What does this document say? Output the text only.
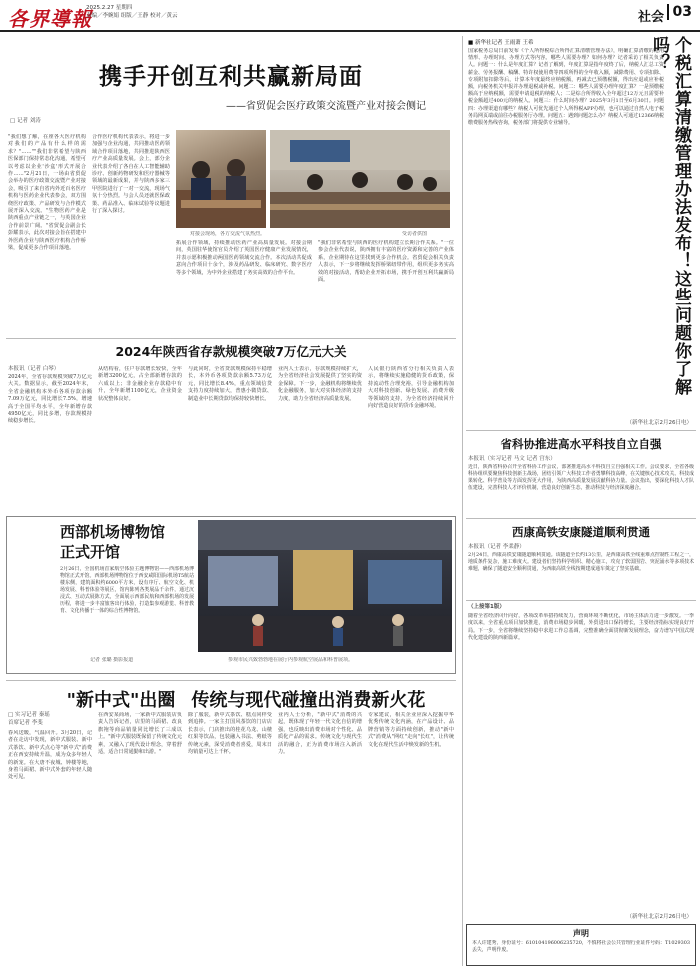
各界導報
2025.2.27 星期四
责编／李婉娟 组版／王静 校对／黄云	社会 03
携手开创互利共赢新局面
——省贸促会医疗政策交流暨产业对接会侧记
□ 记者 刘涛

"我们想了解，在座各大医疗机构对我们的产品有什么样的需求？"……""我们非常希望与陕西医保部门保持常态化沟通，希望可以考虑以企业'沙盒'形式开展合作……"2月21日，一场由省贸促会举办的医疗政策交流暨产业对接会，吸引了来自省内外近百名医疗机构与医药企业代表参会，双方围绕医疗政策、产品研发与合作模式展开深入交流。"生物医药产业是陕西重点产业链之一，与英国企业合作前景广阔。"省贸促会副会长彭耀表示，此次对接会旨在搭建中外医药企业与陕西医疗机构合作桥梁，促成更多合作项目落地。

合作医疗机构代表表示，将进一步加强与企业沟通，共同推动医药领域合作项目落地，共同推进陕西医疗产业高质量发展。会上，部分企业代表介绍了各自在人工智能辅助诊疗、创新药物研发和医疗器械等领域的最新成果，并与陕西多家三甲医院进行了一对一交流，现场气氛十分热烈。与会人员还就医保政策、药品准入、临床试验等议题进行了深入探讨。

对接会现场，各方交流气氛热烈。	受访者供图

拓展合作领域，持续推动医药产业高质量发展。对接会期间，英国驻华使馆官员介绍了英国医疗健康产业发展情况，并表示愿积极推动两国医药领域交流合作。本次活动共促成意向合作项目十余个，涉及药品研发、临床研究、数字医疗等多个领域，为中外企业搭建了务实高效的合作平台。

"我们非常希望与陕西的医疗机构建立长期合作关系。"一位参会企业代表说，陕西拥有丰富的医疗资源和完善的产业体系，企业期待在这里找到更多合作机会。省贸促会相关负责人表示，下一步将继续发挥桥梁纽带作用，组织更多务实高效的对接活动，帮助企业开拓市场，携手开创互利共赢新局面。

2024年陕西省存款规模突破7万亿元大关
本报讯（记者 白琴）

2024年，全省存款规模突破7万亿元大关。数据显示，截至2024年末，全省金融机构本外币各项存款余额7.09万亿元，同比增长7.5%，增速高于全国平均水平，全年新增存款4950亿元，同比多增，存款规模持续稳步增长。

从结构看，住户存款增长较快，全年新增3200亿元，占全部新增存款的六成以上；非金融企业存款稳中有升，全年新增1100亿元，企业资金状况整体良好。

与此同时，全省贷款规模保持平稳增长，本外币各项贷款余额5.73万亿元，同比增长8.4%，重点领域信贷支持力度持续加大，普惠小微贷款、制造业中长期贷款均保持较快增长。

业内人士表示，存款规模持续扩大，为全省经济社会发展提供了坚实的资金保障。下一步，金融机构将继续优化金融服务，加大对实体经济的支持力度，助力全省经济高质量发展。

人民银行陕西省分行相关负责人表示，将继续实施稳健的货币政策，保持流动性合理充裕，引导金融机构加大对科技创新、绿色发展、消费升级等领域的支持，为全省经济持续回升向好营造良好的货币金融环境。

西部机场博物馆正式开馆

2月26日，全国机场首家航空体验主题博物馆——西部机场博物馆正式开馆。西部机场博物馆位于西安咸阳国际机场T5航站楼东侧，建筑面积约6000平方米，设有序厅、航空文化、机场发展、科普体验等展区，馆内陈列各类展品千余件，通过沉浸式、互动式展陈方式，全面展示西部民航和西部机场的发展历程，将进一步丰富旅客出行体验，打造集参观游览、科普教育、文化传播于一体的综合性博物馆。

记者 张璐 摄影报道	参观市民兴致勃勃地在展厅内参观航空展品和科普展项。
"新中式"出圈 传统与现代碰撞出消费新火花
□ 实习记者 秦瑶
首席记者 李斐

春风送暖，气温回升。3月20日，记者在走访中发现，新中式服装、新中式茶饮、新中式点心等"新中式"消费正在西安持续升温，成为众多年轻人的新宠。在大唐不夜城、钟楼等地，身着马面裙、新中式外套的年轻人随处可见。

在西安某商场，一家新中式服装店负责人告诉记者，店里的马面裙、改良旗袍等商品销量同比增长了三成以上。"新中式服装既保留了传统文化元素，又融入了现代设计理念，穿着舒适，适合日常通勤和出游。"

除了服装，新中式茶饮、糕点同样受到追捧。一家主打国风茶饮的门店店长表示，门店推出的桂花乌龙、山楂红果等饮品，包装融入书法、剪纸等传统元素，深受消费者喜爱，周末日均销量可达上千杯。

业内人士分析，"新中式"消费的兴起，既体现了年轻一代文化自信的增强，也反映出消费市场对个性化、品质化产品的需求。传统文化与现代生活的融合，正为消费市场注入新活力。

专家建议，相关企业应深入挖掘中华优秀传统文化内涵，在产品设计、品牌营销等方面持续创新，推动"新中式"消费从"网红"走向"长红"，让传统文化在现代生活中焕发新的生机。

■ 新华社记者 王雨萧 王希	个税汇算清缴管理办法发布！这些问题你了解吗？

国家税务总局日前发布《个人所得税综合所得汇算清缴管理办法》，明确汇算清缴的适用情形、办理时间、办理方式等内容。哪些人需要办理？如何办理？记者采访了相关负责人。问题一：什么是年度汇算？记者了解到，年度汇算是指年度终了后，纳税人汇总工资薪金、劳务报酬、稿酬、特许权使用费等四项所得的全年收入额，减除费用、专项扣除、专项附加扣除等后，计算本年度最终应纳税额，再减去已预缴税额，得出应退或应补税额，向税务机关申报并办理退税或补税。问题二：哪些人需要办理年度汇算？一是预缴税额高于应纳税额，需要申请退税的纳税人；二是综合所得收入全年超过12万元且需要补税金额超过400元的纳税人。问题三：什么时间办理？2025年3月1日至6月30日。问题四：办理渠道有哪些？纳税人可优先通过个人所得税APP办理，也可以通过自然人电子税务局网页端或前往办税服务厅办理。问题五：遇到问题怎么办？纳税人可通过12366纳税缴费服务热线咨询，税务部门将提供专业辅导。

（新华社北京2月26日电）
省科协推进高水平科技自立自强
本报讯（实习记者 马文 记者 宫东）

近日，陕西省科协召开全省科协工作会议，部署推进高水平科技自立自强相关工作。会议要求，全省各级科协组织要聚焦科技创新主战场，团结引领广大科技工作者勇攀科技高峰，在关键核心技术攻关、科技成果转化、科学普及等方面发挥更大作用，为陕西高质量发展贡献科协力量。会议指出，要深化科技人才队伍建设，完善科技人才评价机制，营造良好创新生态，推动科技与经济深度融合。

西康高铁安康隧道顺利贯通
本报讯（记者 李柔静）

2月24日，西康高铁安康隧道顺利贯通。该隧道全长约13公里，是西康高铁全线重难点控制性工程之一，地质条件复杂，施工难度大。建设者们坚持科学组织、精心施工，攻克了软弱围岩、突泥涌水等多项技术难题，确保了隧道安全顺利贯通，为西康高铁全线按期建成通车奠定了坚实基础。

（上接第1版）

随着全省经济回升向好，各项改革举措持续发力，营商环境不断优化，市场主体活力进一步激发。一季度以来，全省重点项目加快推进，消费市场稳步回暖，外贸进出口保持增长，主要经济指标实现良好开局。下一步，全省将继续坚持稳中求进工作总基调，完整准确全面贯彻新发展理念，奋力谱写中国式现代化建设的陕西新篇章。

（新华社北京2月26日电）
声明

本人许建秀，身份证号：610104196006235720，不慎将社会公共管理行业证件号码：T1029303丢失，声明作废。
